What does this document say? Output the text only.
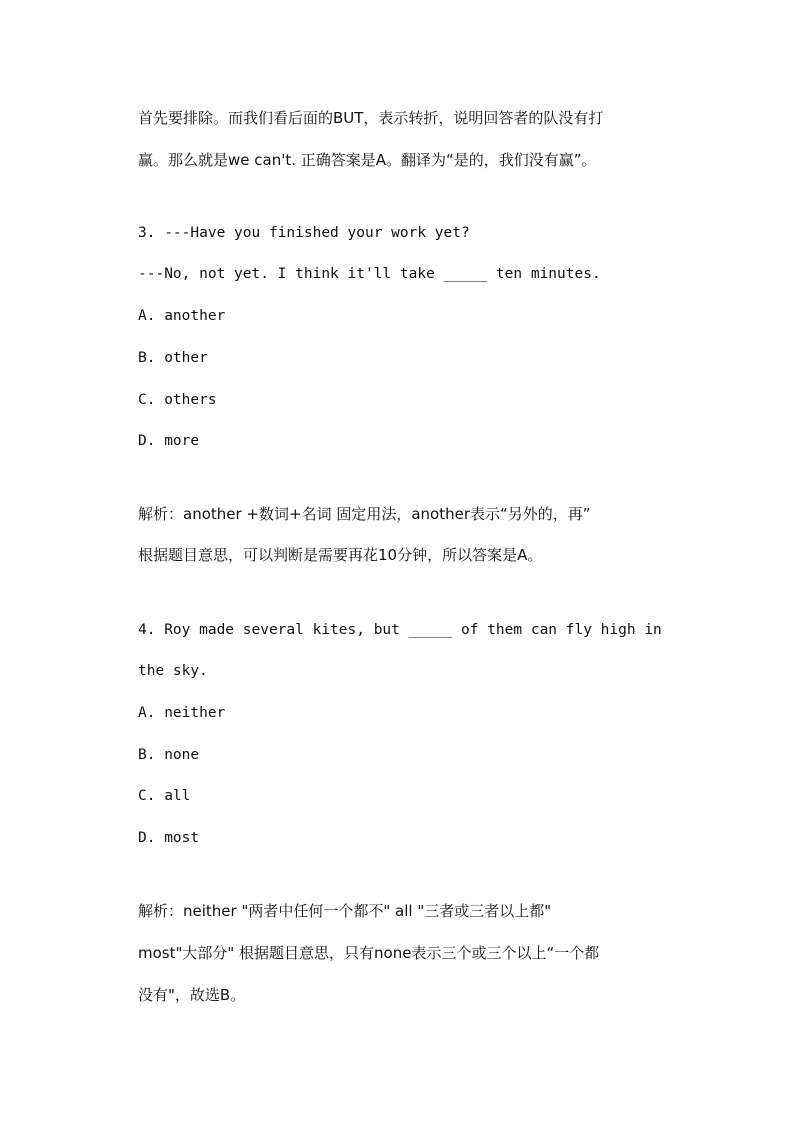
首先要排除。而我们看后面的BUT，表示转折，说明回答者的队没有打
赢。那么就是we can't. 正确答案是A。翻译为“是的，我们没有赢”。
3. ---Have you finished your work yet?
---No, not yet. I think it'll take _____ ten minutes.
A. another
B. other
C. others
D. more
解析：another +数词+名词 固定用法，another表示“另外的，再”
根据题目意思，可以判断是需要再花10分钟，所以答案是A。
4. Roy made several kites, but _____ of them can fly high in
the sky.
A. neither
B. none
C. all
D. most
解析：neither "两者中任何一个都不" all "三者或三者以上都"
most"大部分" 根据题目意思，只有none表示三个或三个以上“一个都
没有"，故选B。
